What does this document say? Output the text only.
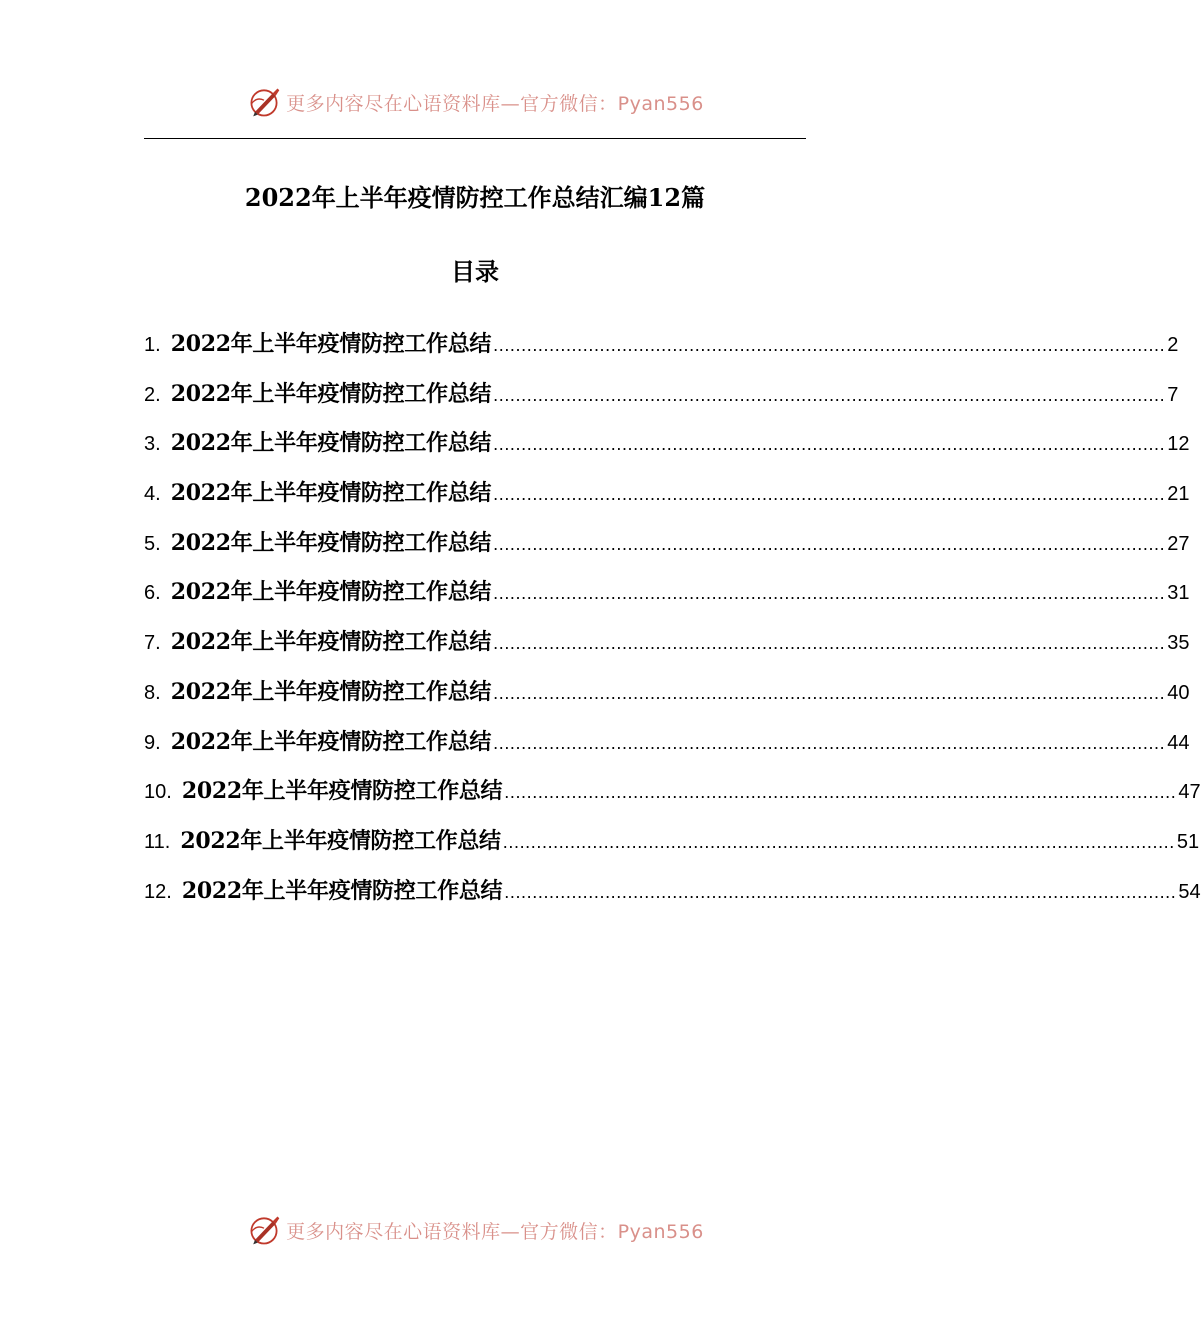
更多内容尽在心语资料库—官方微信：Pyan556
2022年上半年疫情防控工作总结汇编12篇
目录
1. 2022年上半年疫情防控工作总结 ........................................................................................................................ 2
2. 2022年上半年疫情防控工作总结 ........................................................................................................................ 7
3. 2022年上半年疫情防控工作总结 ........................................................................................................................ 12
4. 2022年上半年疫情防控工作总结 ........................................................................................................................ 21
5. 2022年上半年疫情防控工作总结 ........................................................................................................................ 27
6. 2022年上半年疫情防控工作总结 ........................................................................................................................ 31
7. 2022年上半年疫情防控工作总结 ........................................................................................................................ 35
8. 2022年上半年疫情防控工作总结 ........................................................................................................................ 40
9. 2022年上半年疫情防控工作总结 ........................................................................................................................ 44
10. 2022年上半年疫情防控工作总结 ........................................................................................................................ 47
11. 2022年上半年疫情防控工作总结 ........................................................................................................................ 51
12. 2022年上半年疫情防控工作总结 ........................................................................................................................ 54
更多内容尽在心语资料库—官方微信：Pyan556
